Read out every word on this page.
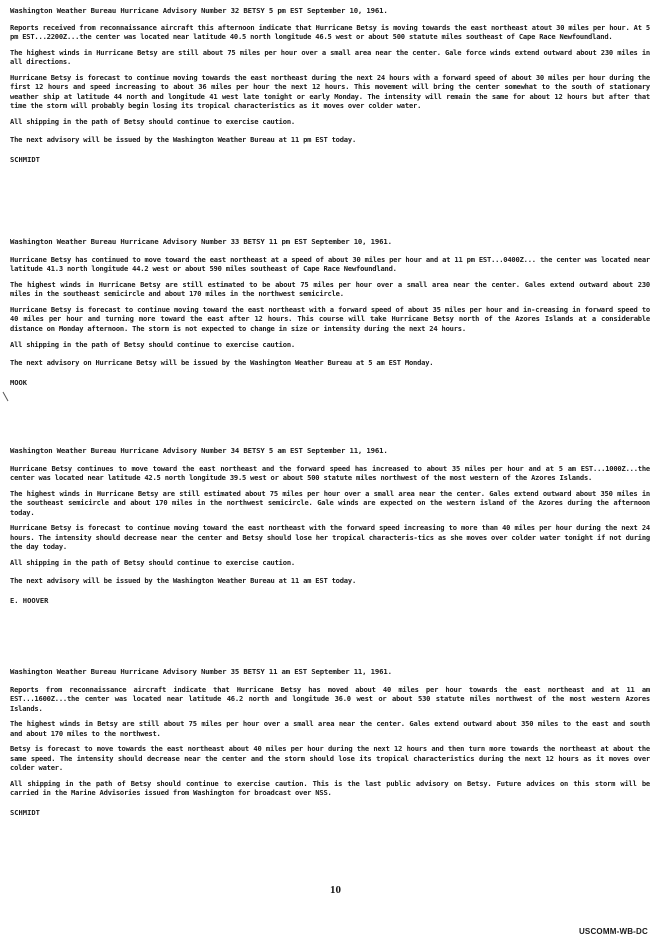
Washington Weather Bureau Hurricane Advisory Number 32 BETSY 5 pm EST September 10, 1961.
Reports received from reconnaissance aircraft this afternoon indicate that Hurricane Betsy is moving towards the east northeast atout 30 miles per hour. At 5 pm EST...2200Z...the center was located near latitude 40.5 north longitude 46.5 west or about 500 statute miles southeast of Cape Race Newfoundland.
The highest winds in Hurricane Betsy are still about 75 miles per hour over a small area near the center. Gale force winds extend outward about 230 miles in all directions.
Hurricane Betsy is forecast to continue moving towards the east northeast during the next 24 hours with a forward speed of about 30 miles per hour during the first 12 hours and speed increasing to about 36 miles per hour the next 12 hours. This movement will bring the center somewhat to the south of stationary weather ship at latitude 44 north and longitude 41 west late tonight or early Monday. The intensity will remain the same for about 12 hours but after that time the storm will probably begin losing its tropical characteristics as it moves over colder water.
All shipping in the path of Betsy should continue to exercise caution.
The next advisory will be issued by the Washington Weather Bureau at 11 pm EST today.
SCHMIDT
Washington Weather Bureau Hurricane Advisory Number 33 BETSY 11 pm EST September 10, 1961.
Hurricane Betsy has continued to move toward the east northeast at a speed of about 30 miles per hour and at 11 pm EST...0400Z... the center was located near latitude 41.3 north longitude 44.2 west or about 590 miles southeast of Cape Race Newfoundland.
The highest winds in Hurricane Betsy are still estimated to be about 75 miles per hour over a small area near the center. Gales extend outward about 230 miles in the southeast semicircle and about 170 miles in the northwest semicircle.
Hurricane Betsy is forecast to continue moving toward the east northeast with a forward speed of about 35 miles per hour and in-creasing in forward speed to 40 miles per hour and turning more toward the east after 12 hours. This course will take Hurricane Betsy north of the Azores Islands at a considerable distance on Monday afternoon. The storm is not expected to change in size or intensity during the next 24 hours.
All shipping in the path of Betsy should continue to exercise caution.
The next advisory on Hurricane Betsy will be issued by the Washington Weather Bureau at 5 am EST Monday.
MOOK
Washington Weather Bureau Hurricane Advisory Number 34 BETSY 5 am EST September 11, 1961.
Hurricane Betsy continues to move toward the east northeast and the forward speed has increased to about 35 miles per hour and at 5 am EST...1000Z...the center was located near latitude 42.5 north longitude 39.5 west or about 500 statute miles northwest of the most western of the Azores Islands.
The highest winds in Hurricane Betsy are still estimated about 75 miles per hour over a small area near the center. Gales extend outward about 350 miles in the southeast semicircle and about 170 miles in the northwest semicircle. Gale winds are expected on the western island of the Azores during the afternoon today.
Hurricane Betsy is forecast to continue moving toward the east northeast with the forward speed increasing to more than 40 miles per hour during the next 24 hours. The intensity should decrease near the center and Betsy should lose her tropical characteris-tics as she moves over colder water tonight if not during the day today.
All shipping in the path of Betsy should continue to exercise caution.
The next advisory will be issued by the Washington Weather Bureau at 11 am EST today.
E. HOOVER
Washington Weather Bureau Hurricane Advisory Number 35 BETSY 11 am EST September 11, 1961.
Reports from reconnaissance aircraft indicate that Hurricane Betsy has moved about 40 miles per hour towards the east northeast and at 11 am EST...1600Z...the center was located near latitude 46.2 north and longitude 36.0 west or about 530 statute miles northwest of the most western Azores Islands.
The highest winds in Betsy are still about 75 miles per hour over a small area near the center. Gales extend outward about 350 miles to the east and south and about 170 miles to the northwest.
Betsy is forecast to move towards the east northeast about 40 miles per hour during the next 12 hours and then turn more towards the northeast at about the same speed. The intensity should decrease near the center and the storm should lose its tropical characteristics during the next 12 hours as it moves over colder water.
All shipping in the path of Betsy should continue to exercise caution. This is the last public advisory on Betsy. Future advices on this storm will be carried in the Marine Advisories issued from Washington for broadcast over NSS.
SCHMIDT
10
USCOMM-WB-DC
